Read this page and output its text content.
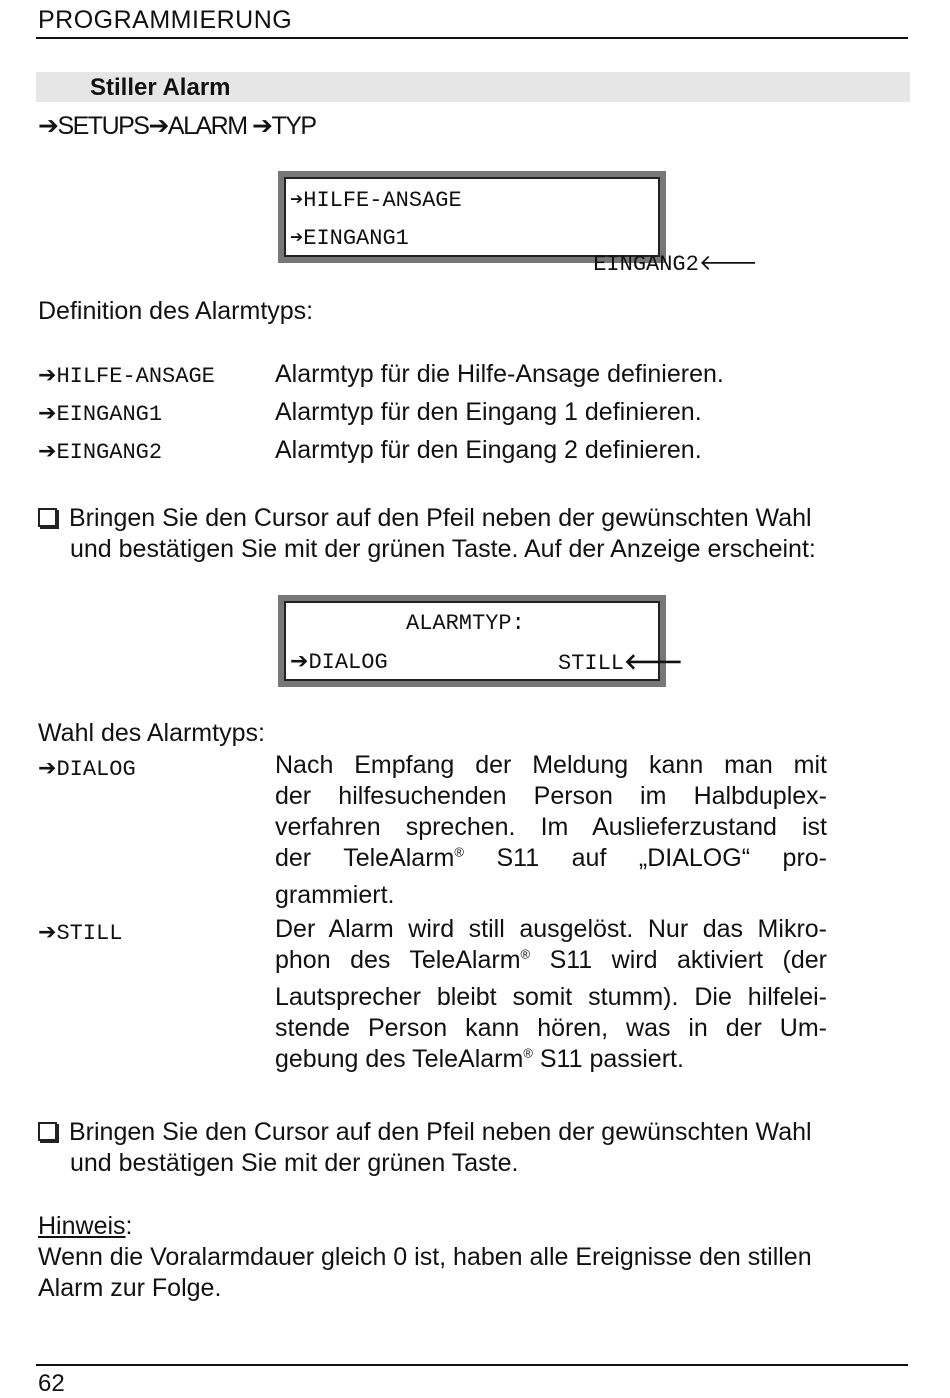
PROGRAMMIERUNG
Stiller Alarm
➔SETUPS➔ALARM ➔TYP
➔HILFE-ANSAGE
➔EINGANG1

EINGANG2🡐

Definition des Alarmtyps:
➔HILFE-ANSAGE Alarmtyp für die Hilfe-Ansage definieren.
➔EINGANG1	Alarmtyp für den Eingang 1 definieren.
➔EINGANG2	Alarmtyp für den Eingang 2 definieren.
Bringen Sie den Cursor auf den Pfeil neben der gewünschten Wahl
und bestätigen Sie mit der grünen Taste. Auf der Anzeige erscheint:
ALARMTYP:
➔DIALOG	STILL🡐
Wahl des Alarmtyps:
➔DIALOG	Nach Empfang der Meldung kann man mit
der hilfesuchenden Person im Halbduplex-
verfahren sprechen. Im Auslieferzustand ist
der TeleAlarm® S11 auf „DIALOG“ pro-
grammiert.
➔STILL	Der Alarm wird still ausgelöst. Nur das Mikro-
phon des TeleAlarm® S11 wird aktiviert (der
Lautsprecher bleibt somit stumm). Die hilfelei-
stende Person kann hören, was in der Um-
gebung des TeleAlarm® S11 passiert.
Bringen Sie den Cursor auf den Pfeil neben der gewünschten Wahl
und bestätigen Sie mit der grünen Taste.
Hinweis:
Wenn die Voralarmdauer gleich 0 ist, haben alle Ereignisse den stillen
Alarm zur Folge.
62
